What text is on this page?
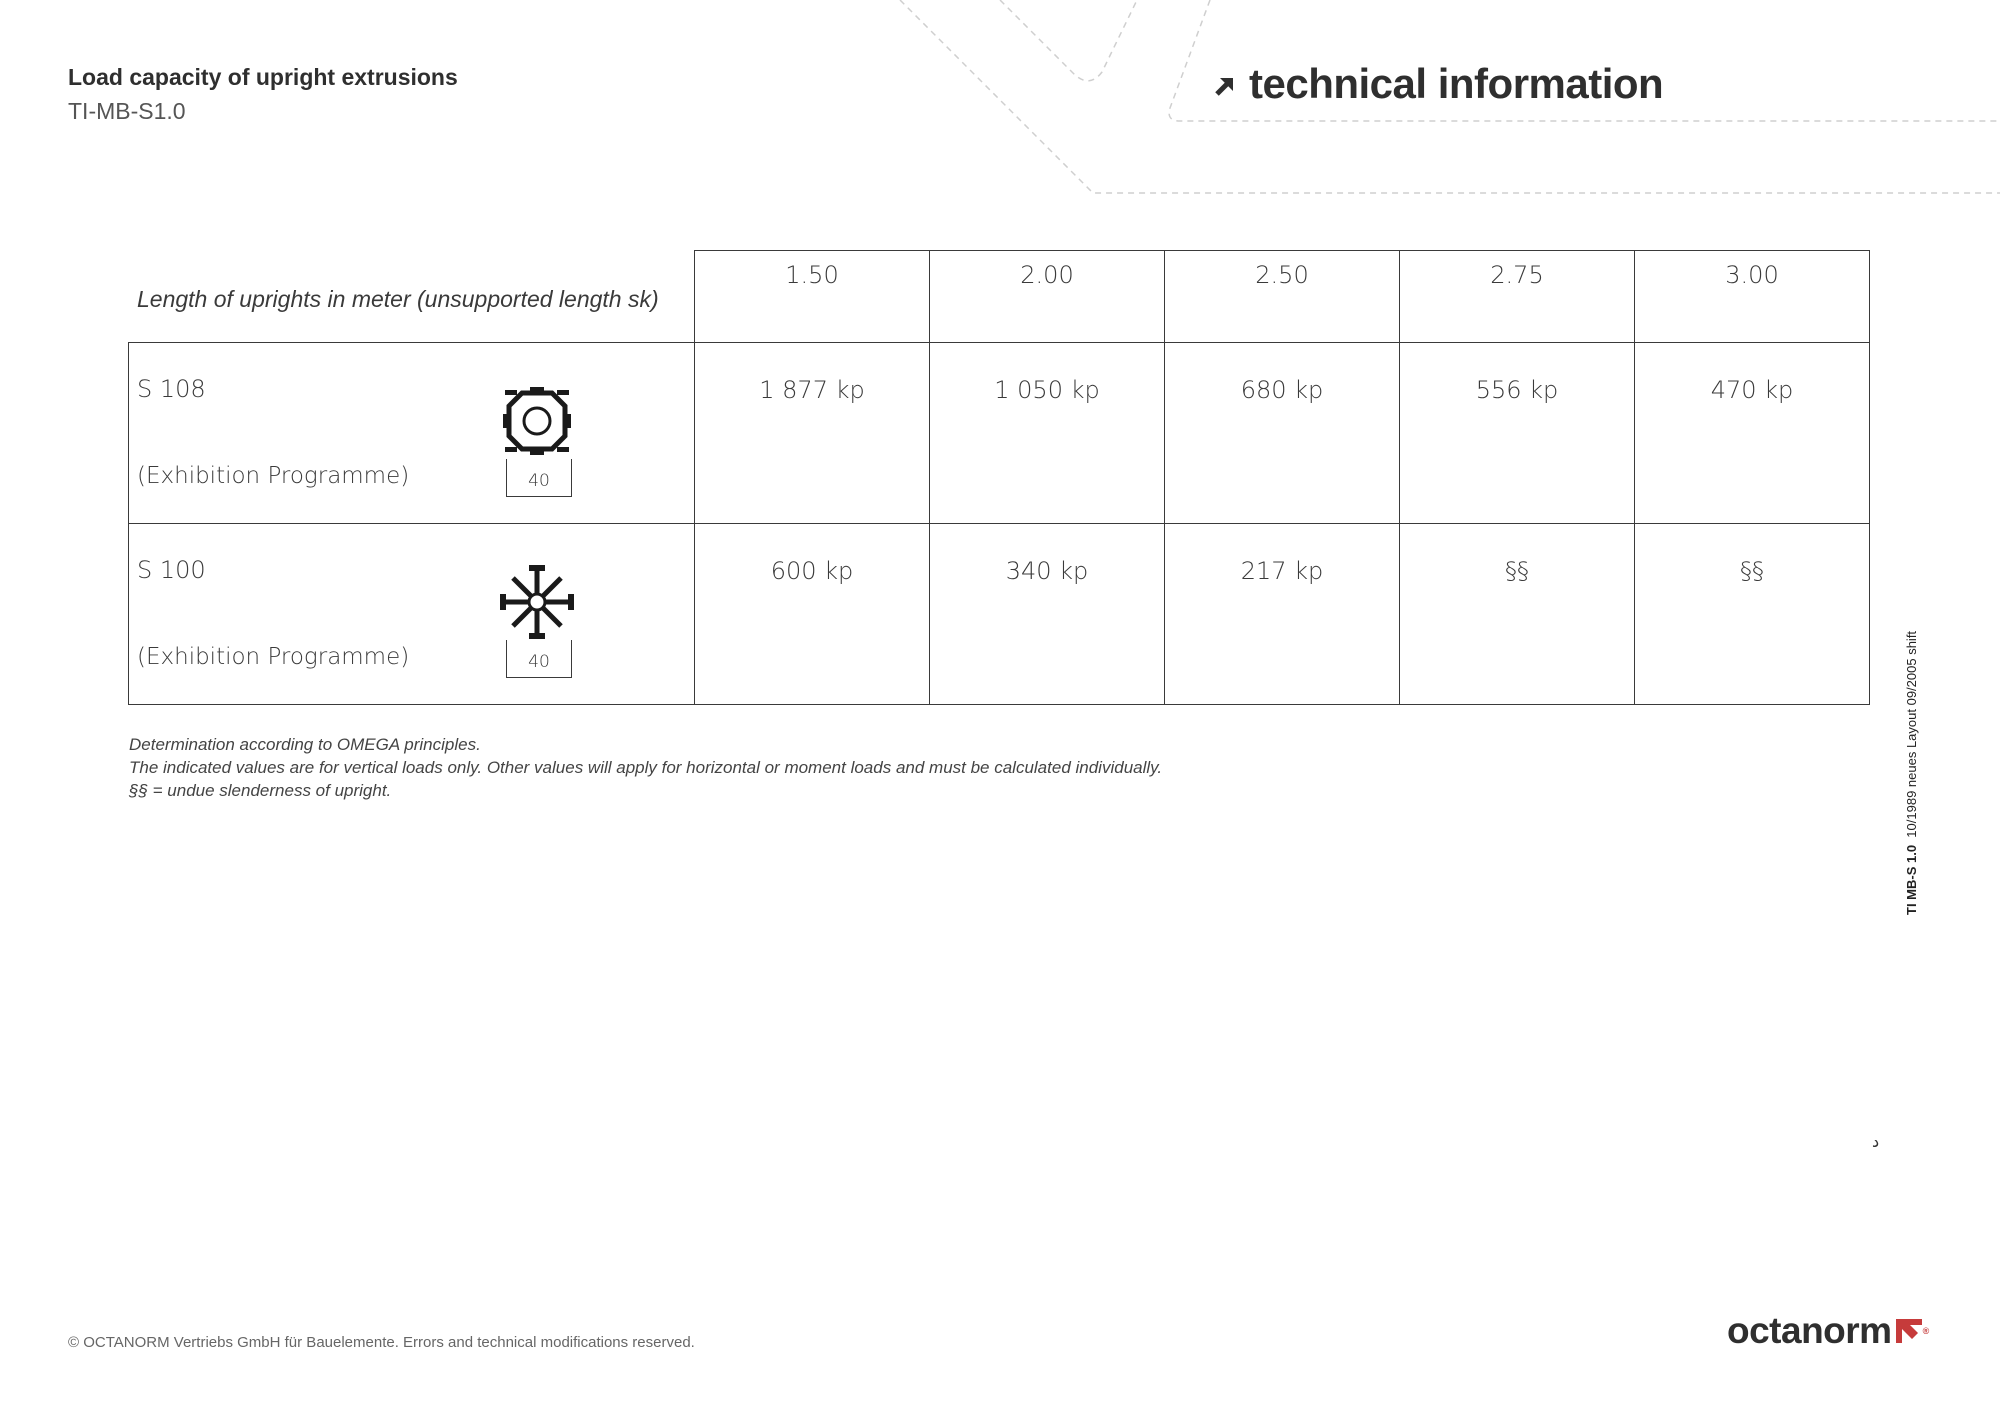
Load capacity of upright extrusions
TI-MB-S1.0
technical information
Length of uprights in meter (unsupported length sk)
	1.50	2.00	2.50	2.75	3.00

S 108
40
(Exhibition Programme)	1 877 kp	1 050 kp	680 kp	556 kp	470 kp

S 100
40
(Exhibition Programme)	600 kp	340 kp	217 kp	§§	§§
Determination according to OMEGA principles.
The indicated values are for vertical loads only. Other values will apply for horizontal or moment loads and must be calculated individually.
§§ = undue slenderness of upright.
TI MB-S 1.0  10/1989 neues Layout 09/2005 shift
ﺩ
© OCTANORM Vertriebs GmbH für Bauelemente. Errors and technical modifications reserved.	octanorm	®
